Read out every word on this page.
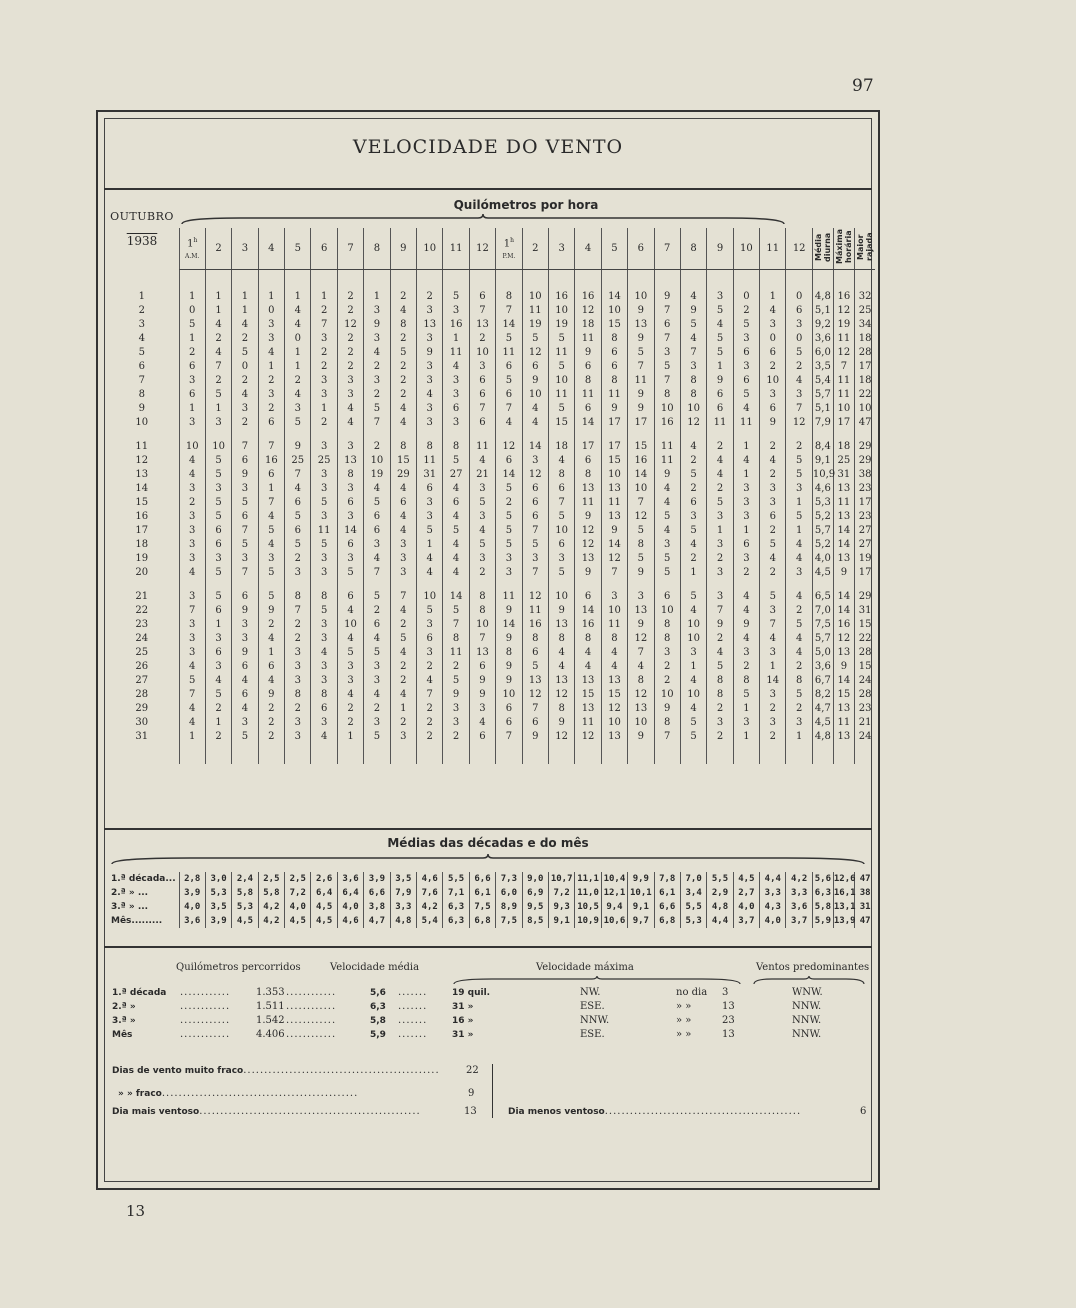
97
VELOCIDADE DO VENTO
OUTUBRO
1938
Quilómetros por hora
	1$^h$
A.M.	2	3	4	5	6	7	8	9	10	11	12	1$^h$
P.M.	2	3	4	5	6	7	8	9	10	11	12	Média diurna	Máxima horária	Maior rajada

1	1	1	1	1	1	1	2	1	2	2	5	6	8	10	16	16	14	10	9	4	3	0	1	0	4,8	16	32
2	0	1	1	0	4	2	2	3	4	3	3	7	7	11	10	12	10	9	7	9	5	2	4	6	5,1	12	25
3	5	4	4	3	4	7	12	9	8	13	16	13	14	19	19	18	15	13	6	5	4	5	3	3	9,2	19	34
4	1	2	2	3	0	3	2	3	2	3	1	2	5	5	5	11	8	9	7	4	5	3	0	0	3,6	11	18
5	2	4	5	4	1	2	2	4	5	9	11	10	11	12	11	9	6	5	3	7	5	6	6	5	6,0	12	28
6	6	7	0	1	1	2	2	2	2	3	4	3	6	6	5	6	6	7	5	3	1	3	2	2	3,5	7	17
7	3	2	2	2	2	3	3	3	2	3	3	6	5	9	10	8	8	11	7	8	9	6	10	4	5,4	11	18
8	6	5	4	3	4	3	3	2	2	4	3	6	6	10	11	11	11	9	8	8	6	5	3	3	5,7	11	22
9	1	1	3	2	3	1	4	5	4	3	6	7	7	4	5	6	9	9	10	10	6	4	6	7	5,1	10	10
10	3	3	2	6	5	2	4	7	4	3	3	6	4	4	15	14	17	17	16	12	11	11	9	12	7,9	17	47

11	10	10	7	7	9	3	3	2	8	8	8	11	12	14	18	17	17	15	11	4	2	1	2	2	8,4	18	29
12	4	5	6	16	25	25	13	10	15	11	5	4	6	3	4	6	15	16	11	2	4	4	4	5	9,1	25	29
13	4	5	9	6	7	3	8	19	29	31	27	21	14	12	8	8	10	14	9	5	4	1	2	5	10,9	31	38
14	3	3	3	1	4	3	3	4	4	6	4	3	5	6	6	13	13	10	4	2	2	3	3	3	4,6	13	23
15	2	5	5	7	6	5	6	5	6	3	6	5	2	6	7	11	11	7	4	6	5	3	3	1	5,3	11	17
16	3	5	6	4	5	3	3	6	4	3	4	3	5	6	5	9	13	12	5	3	3	3	6	5	5,2	13	23
17	3	6	7	5	6	11	14	6	4	5	5	4	5	7	10	12	9	5	4	5	1	1	2	1	5,7	14	27
18	3	6	5	4	5	5	6	3	3	1	4	5	5	5	6	12	14	8	3	4	3	6	5	4	5,2	14	27
19	3	3	3	3	2	3	3	4	3	4	4	3	3	3	3	13	12	5	5	2	2	3	4	4	4,0	13	19
20	4	5	7	5	3	3	5	7	3	4	4	2	3	7	5	9	7	9	5	1	3	2	2	3	4,5	9	17

21	3	5	6	5	8	8	6	5	7	10	14	8	11	12	10	6	3	3	6	5	3	4	5	4	6,5	14	29
22	7	6	9	9	7	5	4	2	4	5	5	8	9	11	9	14	10	13	10	4	7	4	3	2	7,0	14	31
23	3	1	3	2	2	3	10	6	2	3	7	10	14	16	13	16	11	9	8	10	9	9	7	5	7,5	16	15
24	3	3	3	4	2	3	4	4	5	6	8	7	9	8	8	8	8	12	8	10	2	4	4	4	5,7	12	22
25	3	6	9	1	3	4	5	5	4	3	11	13	8	6	4	4	4	7	3	3	4	3	3	4	5,0	13	28
26	4	3	6	6	3	3	3	3	2	2	2	6	9	5	4	4	4	4	2	1	5	2	1	2	3,6	9	15
27	5	4	4	4	3	3	3	3	2	4	5	9	9	13	13	13	13	8	2	4	8	8	14	8	6,7	14	24
28	7	5	6	9	8	8	4	4	4	7	9	9	10	12	12	15	15	12	10	10	8	5	3	5	8,2	15	28
29	4	2	4	2	2	6	2	2	1	2	3	3	6	7	8	13	12	13	9	4	2	1	2	2	4,7	13	23
30	4	1	3	2	3	3	2	3	2	2	3	4	6	6	9	11	10	10	8	5	3	3	3	3	4,5	11	21
31	1	2	5	2	3	4	1	5	3	2	2	6	7	9	12	12	13	9	7	5	2	1	2	1	4,8	13	24

Médias das décadas e do mês
1.ª década...	2,8	3,0	2,4	2,5	2,5	2,6	3,6	3,9	3,5	4,6	5,5	6,6	7,3	9,0	10,7	11,1	10,4	9,9	7,8	7,0	5,5	4,5	4,4	4,2	5,6	12,6	47
2.ª » ...	3,9	5,3	5,8	5,8	7,2	6,4	6,4	6,6	7,9	7,6	7,1	6,1	6,0	6,9	7,2	11,0	12,1	10,1	6,1	3,4	2,9	2,7	3,3	3,3	6,3	16,1	38
3.ª » ...	4,0	3,5	5,3	4,2	4,0	4,5	4,0	3,8	3,3	4,2	6,3	7,5	8,9	9,5	9,3	10,5	9,4	9,1	6,6	5,5	4,8	4,0	4,3	3,6	5,8	13,1	31
Mês.........	3,6	3,9	4,5	4,2	4,5	4,5	4,6	4,7	4,8	5,4	6,3	6,8	7,5	8,5	9,1	10,9	10,6	9,7	6,8	5,3	4,4	3,7	4,0	3,7	5,9	13,9	47
Quilómetros percorridos	Velocidade média	Velocidade máxima	Ventos predominantes
1.ª década	1.353	5,6	19 quil.	NW.	no dia 3	WNW.
............	............	.......
2.ª »	1.511	6,3	31 »	ESE.	» »	13	NNW.
............	............	.......
3.ª »	1.542	5,8	16 »	NNW.	» »	23	NNW.
............	............	.......
Mês	4.406	5,9	31 »	ESE.	» »	13	NNW.
............	............	.......
Dias de vento muito fraco...............................................	22
» » fraco...............................................	9
Dia mais ventoso.....................................................	13	Dia menos ventoso...............................................	6
13
